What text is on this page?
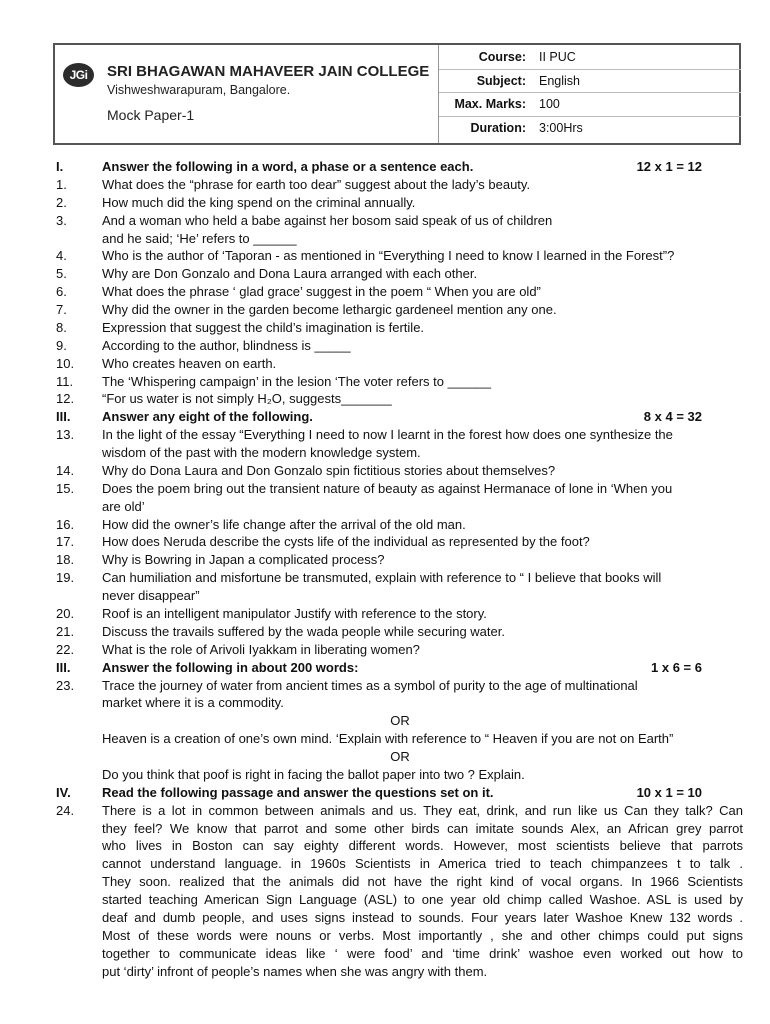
JGi	SRI BHAGAWAN MAHAVEER JAIN COLLEGE
Vishweshwarapuram, Bangalore.
Mock Paper-1
Course: II PUC
Subject: English
Max. Marks: 100
Duration: 3:00Hrs
I.	Answer the following in a word, a phase or a sentence each.	12 x 1 = 12
1.	What does the “phrase for earth too dear” suggest about the lady’s beauty.
2.	How much did the king spend on the criminal annually.
3.	And a woman who held a babe against her bosom said speak of us of children
and he said; ‘He’ refers to ______
4.	Who is the author of ‘Taporan - as mentioned in “Everything I need to know I learned in the Forest”?
5.	Why are Don Gonzalo and Dona Laura arranged with each other.
6.	What does the phrase ‘ glad grace’ suggest in the poem “ When you are old”
7.	Why did the owner in the garden become lethargic gardeneel mention any one.
8.	Expression that suggest the child’s imagination is fertile.
9.	According to the author, blindness is _____
10.	Who creates heaven on earth.
11.	The ‘Whispering campaign’ in the lesion ‘The voter refers to ______
12.	“For us water is not simply H₂O, suggests_______
III.	Answer any eight of the following.	8 x 4 = 32
13.	In the light of the essay “Everything I need to now I learnt in the forest how does one synthesize the
wisdom of the past with the modern knowledge system.
14.	Why do Dona Laura and Don Gonzalo spin fictitious stories about themselves?
15.	Does the poem bring out the transient nature of beauty as against Hermanace of lone in ‘When you
are old’
16.	How did the owner’s life change after the arrival of the old man.
17.	How does Neruda describe the cysts life of the individual as represented by the foot?
18.	Why is Bowring in Japan a complicated process?
19.	Can humiliation and misfortune be transmuted, explain with reference to “ I believe that books will
never disappear”
20.	Roof is an intelligent manipulator Justify with reference to the story.
21.	Discuss the travails suffered by the wada people while securing water.
22.	What is the role of Arivoli Iyakkam in liberating women?
III.	Answer the following in about 200 words:	1 x 6 = 6
23.	Trace the journey of water from ancient times as a symbol of purity to the age of multinational
market where it is a commodity.
OR
Heaven is a creation of one’s own mind. ‘Explain with reference to “ Heaven if you are not on Earth”
OR
Do you think that poof is right in facing the ballot paper into two ? Explain.
IV.	Read the following passage and answer the questions set on it.	10 x 1 = 10
24.	There is a lot in common between animals and us. They eat, drink, and run like us Can they talk? Can
they feel? We know that parrot and some other birds can imitate sounds Alex, an African grey parrot
who lives in Boston can say eighty different words. However, most scientists believe that parrots
cannot understand language. in 1960s Scientists in America tried to teach chimpanzees t to talk .
They soon. realized that the animals did not have the right kind of vocal organs. In 1966 Scientists
started teaching American Sign Language (ASL) to one year old chimp called Washoe. ASL is used by
deaf and dumb people, and uses signs instead to sounds. Four years later Washoe Knew 132 words .
Most of these words were nouns or verbs. Most importantly , she and other chimps could put signs
together to communicate ideas like ‘ were food’ and ‘time drink’ washoe even worked out how to
put ‘dirty’ infront of people’s names when she was angry with them.
